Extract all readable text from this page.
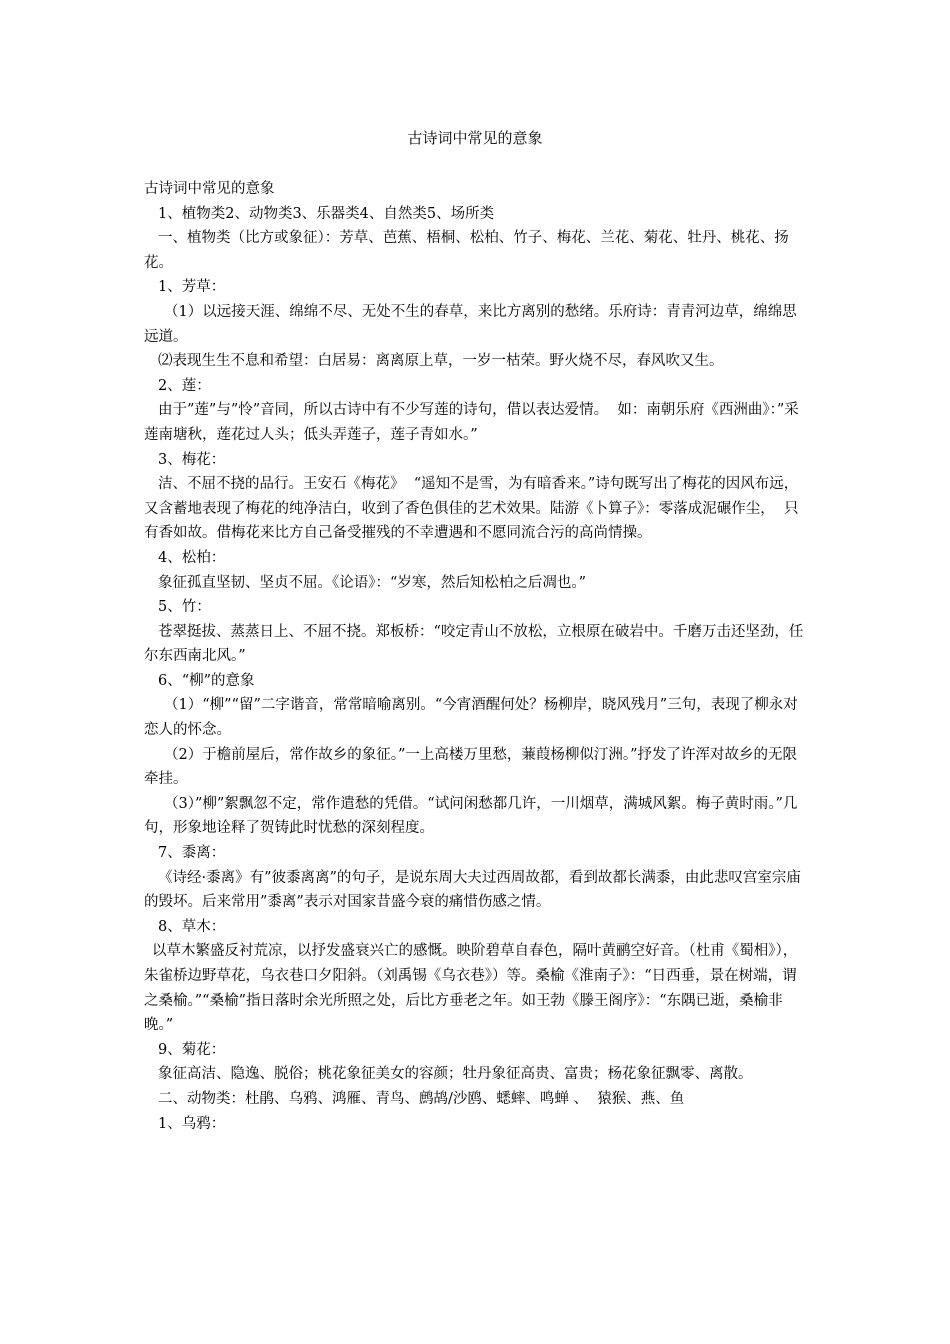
古诗词中常见的意象

古诗词中常见的意象

1、植物类2、动物类3、乐器类4、自然类5、场所类

一、植物类（比方或象征）：芳草、芭蕉、梧桐、松柏、竹子、梅花、兰花、菊花、牡丹、桃花、扬花。

1、芳草：

（1）以远接天涯、绵绵不尽、无处不生的春草，来比方离别的愁绪。乐府诗：青青河边草，绵绵思远道。

⑵表现生生不息和希望：白居易：离离原上草，一岁一枯荣。野火烧不尽，春风吹又生。

2、莲：

由于”莲”与”怜”音同，所以古诗中有不少写莲的诗句，借以表达爱情。  如：南朝乐府《西洲曲》：”采莲南塘秋，莲花过人头；低头弄莲子，莲子青如水。”

3、梅花：

洁、不屈不挠的品行。王安石《梅花》  “遥知不是雪，为有暗香来。”诗句既写出了梅花的因风布远，又含蓄地表现了梅花的纯净洁白，收到了香色俱佳的艺术效果。陆游《卜算子》：零落成泥碾作尘，  只有香如故。借梅花来比方自己备受摧残的不幸遭遇和不愿同流合污的高尚情操。

4、松柏：

象征孤直坚韧、坚贞不屈。《论语》：“岁寒，然后知松柏之后凋也。”

5、竹：

苍翠挺拔、蒸蒸日上、不屈不挠。郑板桥：“咬定青山不放松，立根原在破岩中。千磨万击还坚劲，任尔东西南北风。”

6、“柳”的意象

（1）“柳”“留”二字谐音，常常暗喻离别。“今宵酒醒何处？杨柳岸，晓风残月”三句，表现了柳永对恋人的怀念。

（2）于檐前屋后，常作故乡的象征。”一上高楼万里愁，蒹葭杨柳似汀洲。”抒发了许浑对故乡的无限牵挂。

（3）”柳”絮飘忽不定，常作遣愁的凭借。“试问闲愁都几许，一川烟草，满城风絮。梅子黄时雨。”几句，形象地诠释了贺铸此时忧愁的深刻程度。

7、黍离：

《诗经·黍离》有”彼黍离离”的句子，是说东周大夫过西周故都，看到故都长满黍，由此悲叹宫室宗庙的毁坏。后来常用”黍离”表示对国家昔盛今衰的痛惜伤感之情。

8、草木：

以草木繁盛反衬荒凉，以抒发盛衰兴亡的感慨。映阶碧草自春色，隔叶黄鹂空好音。（杜甫《蜀相》），朱雀桥边野草花，乌衣巷口夕阳斜。（刘禹锡《乌衣巷》）等。桑榆《淮南子》：“日西垂，景在树端，谓之桑榆。”“桑榆”指日落时余光所照之处，后比方垂老之年。如王勃《滕王阁序》：“东隅已逝，桑榆非晚。”

9、菊花：

象征高洁、隐逸、脱俗；桃花象征美女的容颜；牡丹象征高贵、富贵；杨花象征飘零、离散。

二、动物类：杜鹃、乌鸦、鸿雁、青鸟、鹧鸪/沙鸥、蟋蟀、鸣蝉 、  猿猴、燕、鱼

1、乌鸦：
